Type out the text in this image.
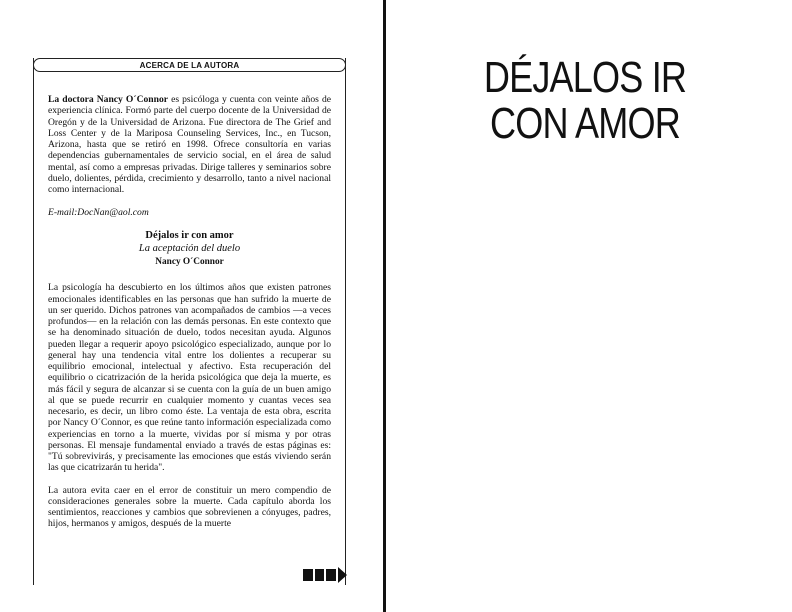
ACERCA DE LA AUTORA

La doctora Nancy O´Connor es psicóloga y cuenta con veinte años de experiencia clínica. Formó parte del cuerpo docente de la Universidad de Oregón y de la Universidad de Arizona. Fue directora de The Grief and Loss Center y de la Mariposa Counseling Services, Inc., en Tucson, Arizona, hasta que se retiró en 1998. Ofrece consultoría en varias dependencias gubernamentales de servicio social, en el área de salud mental, así como a empresas privadas. Dirige talleres y seminarios sobre duelo, dolientes, pérdida, crecimiento y desarrollo, tanto a nivel nacional como internacional.

E-mail:DocNan@aol.com

Déjalos ir con amor

La aceptación del duelo

Nancy O´Connor

La psicología ha descubierto en los últimos años que existen patrones emocionales identificables en las personas que han sufrido la muerte de un ser querido. Dichos patrones van acompañados de cambios —a veces profundos— en la relación con las demás personas. En este contexto que se ha denominado situación de duelo, todos necesitan ayuda. Algunos pueden llegar a requerir apoyo psicológico especializado, aunque por lo general hay una tendencia vital entre los dolientes a recuperar su equilibrio emocional, intelectual y afectivo. Esta recuperación del equilibrio o cicatrización de la herida psicológica que deja la muerte, es más fácil y segura de alcanzar si se cuenta con la guía de un buen amigo al que se puede recurrir en cualquier momento y cuantas veces sea necesario, es decir, un libro como éste. La ventaja de esta obra, escrita por Nancy O´Connor, es que reúne tanto información especializada como experiencias en torno a la muerte, vividas por sí misma y por otras personas. El mensaje fundamental enviado a través de estas páginas es: "Tú sobrevivirás, y precisamente las emociones que estás viviendo serán las que cicatrizarán tu herida".

La autora evita caer en el error de constituir un mero compendio de consideraciones generales sobre la muerte. Cada capítulo aborda los sentimientos, reacciones y cambios que sobrevienen a cónyuges, padres, hijos, hermanos y amigos, después de la muerte

DÉJALOS IR
CON AMOR
